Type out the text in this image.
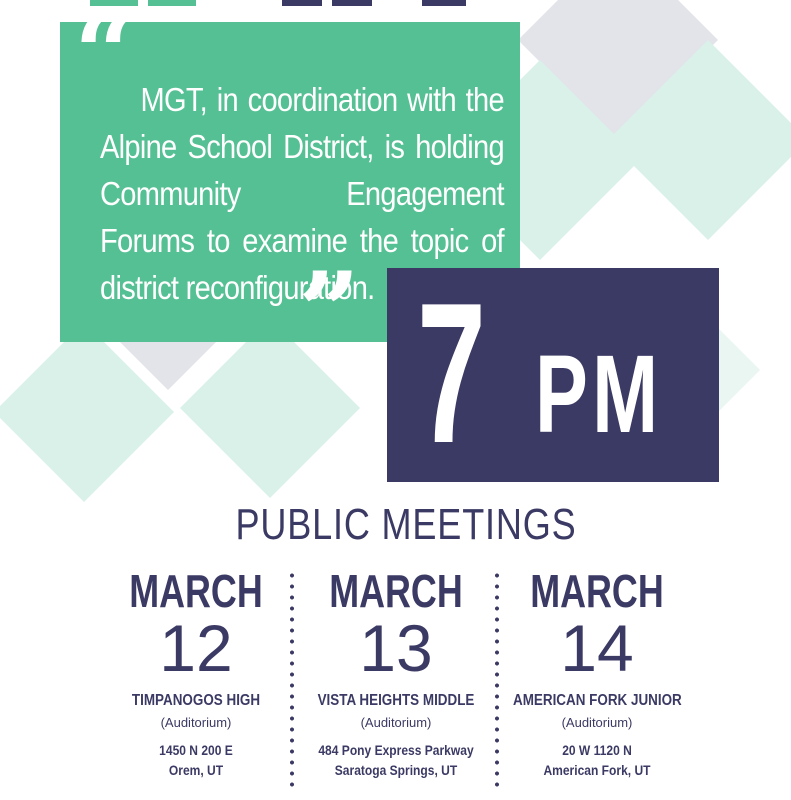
“ MGT, in coordination with the Alpine School District, is holding Community Engagement Forums to examine the topic of district reconfiguration.
” 7 PM
PUBLIC MEETINGS
MARCH
12
TIMPANOGOS HIGH
(Auditorium)
1450 N 200 E
Orem, UT
MARCH
13
VISTA HEIGHTS MIDDLE
(Auditorium)
484 Pony Express Parkway
Saratoga Springs, UT
MARCH
14
AMERICAN FORK JUNIOR
(Auditorium)
20 W 1120 N
American Fork, UT
